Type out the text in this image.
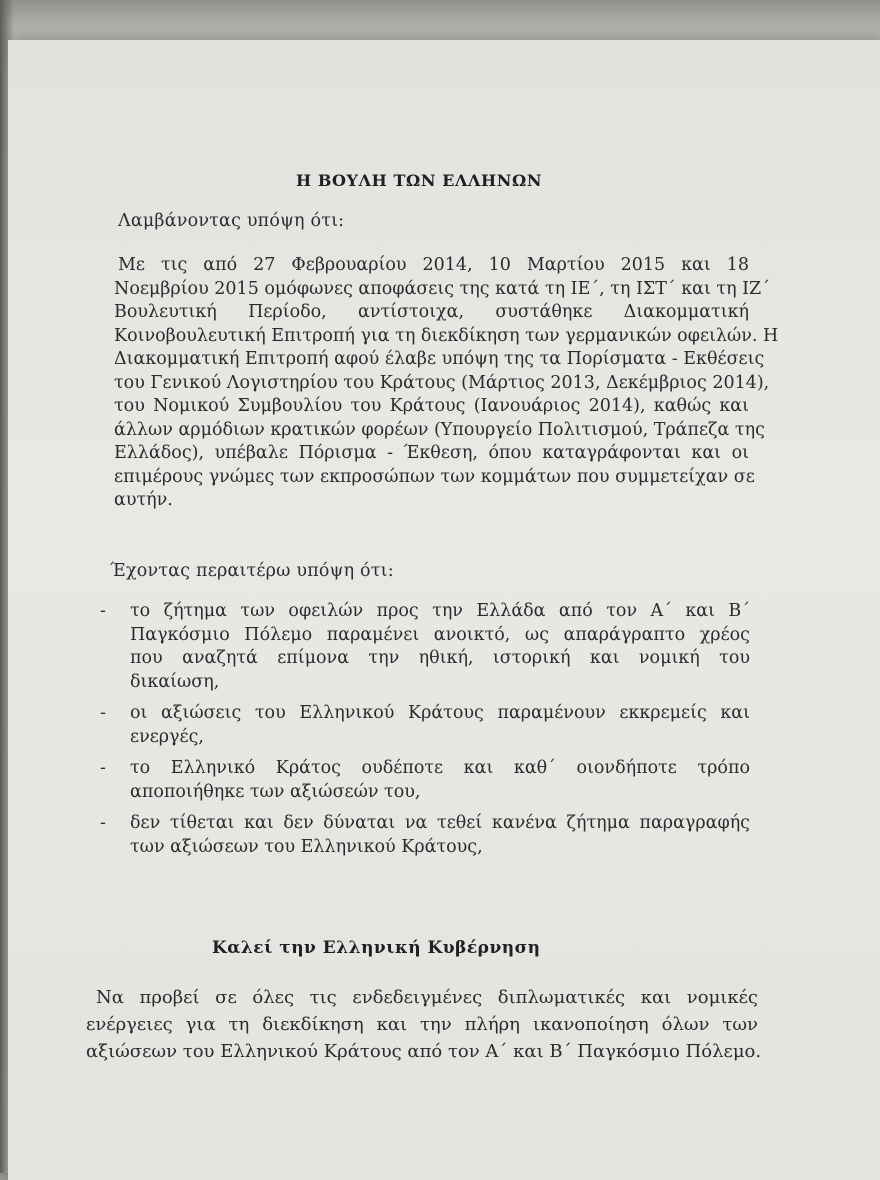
Η ΒΟΥΛΗ ΤΩΝ ΕΛΛΗΝΩΝ
Λαμβάνοντας υπόψη ότι:
Με τις από 27 Φεβρουαρίου 2014, 10 Μαρτίου 2015 και 18
Νοεμβρίου 2015 ομόφωνες αποφάσεις της κατά τη ΙΕ΄, τη ΙΣΤ΄ και τη ΙΖ΄
Βουλευτική Περίοδο, αντίστοιχα, συστάθηκε Διακομματική
Κοινοβουλευτική Επιτροπή για τη διεκδίκηση των γερμανικών οφειλών. Η
Διακομματική Επιτροπή αφού έλαβε υπόψη της τα Πορίσματα - Εκθέσεις
του Γενικού Λογιστηρίου του Κράτους (Μάρτιος 2013, Δεκέμβριος 2014),
του Νομικού Συμβουλίου του Κράτους (Ιανουάριος 2014), καθώς και
άλλων αρμόδιων κρατικών φορέων (Υπουργείο Πολιτισμού, Τράπεζα της
Ελλάδος), υπέβαλε Πόρισμα - Έκθεση, όπου καταγράφονται και οι
επιμέρους γνώμες των εκπροσώπων των κομμάτων που συμμετείχαν σε
αυτήν.
Έχοντας περαιτέρω υπόψη ότι:
- το ζήτημα των οφειλών προς την Ελλάδα από τον Α΄ και Β΄
Παγκόσμιο Πόλεμο παραμένει ανοικτό, ως απαράγραπτο χρέος
που αναζητά επίμονα την ηθική, ιστορική και νομική του
δικαίωση,
- οι αξιώσεις του Ελληνικού Κράτους παραμένουν εκκρεμείς και
ενεργές,
- το Ελληνικό Κράτος ουδέποτε και καθ΄ οιονδήποτε τρόπο
αποποιήθηκε των αξιώσεών του,
- δεν τίθεται και δεν δύναται να τεθεί κανένα ζήτημα παραγραφής
των αξιώσεων του Ελληνικού Κράτους,
Καλεί την Ελληνική Κυβέρνηση
Να προβεί σε όλες τις ενδεδειγμένες διπλωματικές και νομικές
ενέργειες για τη διεκδίκηση και την πλήρη ικανοποίηση όλων των
αξιώσεων του Ελληνικού Κράτους από τον Α΄ και Β΄ Παγκόσμιο Πόλεμο.
